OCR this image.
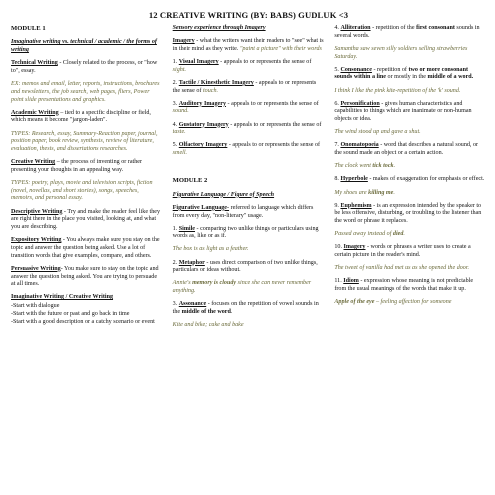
12 CREATIVE WRITING (BY: BABS) GUDLUK <3
MODULE 1

Imaginative writing vs. technical / academic / the forms of writing

Technical Writing - Closely related to the process, or "how to", essay.

EX: memos and email, letter, reports, instructions, brochures and newsletters, the job search, web pages, fliers, Power point slide presentations and graphics.

Academic Writing – tied to a specific discipline or field, which means it become "jargon-laden".

TYPES: Research, essay, Summary-Reaction paper, journal, position paper, book review, synthesis, review of literature, evaluation, thesis, and dissertations researches.

Creative Writing – the process of inventing or rather presenting your thoughts in an appealing way.

TYPES: poetry, plays, movie and television scripts, fiction (novel, novellas, and short stories), songs, speeches, memoirs, and personal essay.

Descriptive Writing - Try and make the reader feel like they are right there in the place you visited, looking at, and what you are describing.

Expository Writing - You always make sure you stay on the topic and answer the question being asked. Use a lot of transition words that give examples, compare, and others.

Persuasive Writing- You make sure to stay on the topic and answer the question being asked. You are trying to persuade at all times.

Imaginative Writing / Creative Writing

-Start with dialogue
-Start with the future or past and go back in time
-Start with a good description or a catchy scenario or event

Sensory experience through Imagery

Imagery - what the writers want their readers to "see" what is in their mind as they write. "paint a picture" with their words

1. Visual Imagery - appeals to or represents the sense of sight.

2. Tactile / Kinesthetic Imagery - appeals to or represents the sense of touch.

3. Auditory Imagery - appeals to or represents the sense of sound.

4. Gustatory Imagery - appeals to or represents the sense of taste.

5. Olfactory Imagery - appeals to or represents the sense of smell.

MODULE 2

Figurative Language / Figure of Speech

Figurative Language- referred to language which differs from every day, "non-literary" usage.

1. Simile - comparing two unlike things or particulars using words as, like or as if.

The box is as light as a feather.

2. Metaphor - uses direct comparison of two unlike things, particulars or ideas without.

Annie's memory is cloudy since she can never remember anything.

3. Assonance - focuses on the repetition of vowel sounds in the middle of the word.

Kite and bike; cake and bake

4. Alliteration - repetition of the first consonant sounds in several words.

Samantha saw seven silly soldiers selling strawberries Saturday.

5. Consonance - repetition of two or more consonant sounds within a line or mostly in the middle of a word.

I think I like the pink kite-repetition of the 'k' sound.

6. Personification - gives human characteristics and capabilities to things which are inanimate or non-human objects or idea.

The wind stood up and gave a shut.

7. Onomatopoeia - word that describes a natural sound, or the sound made an object or a certain action.

The clock went tick tock.

8. Hyperbole - makes of exaggeration for emphasis or effect.

My shoes are killing me.

9. Euphemism - is an expression intended by the speaker to be less offensive, disturbing, or troubling to the listener than the word or phrase it replaces.

Passed away instead of died.

10. Imagery - words or phrases a writer uses to create a certain picture in the reader's mind.

The tweet of vanilla had met us as she opened the door.

11. Idiom - expression whose meaning is not predictable from the usual meanings of the words that make it up.

Apple of the eye – feeling affection for someone
